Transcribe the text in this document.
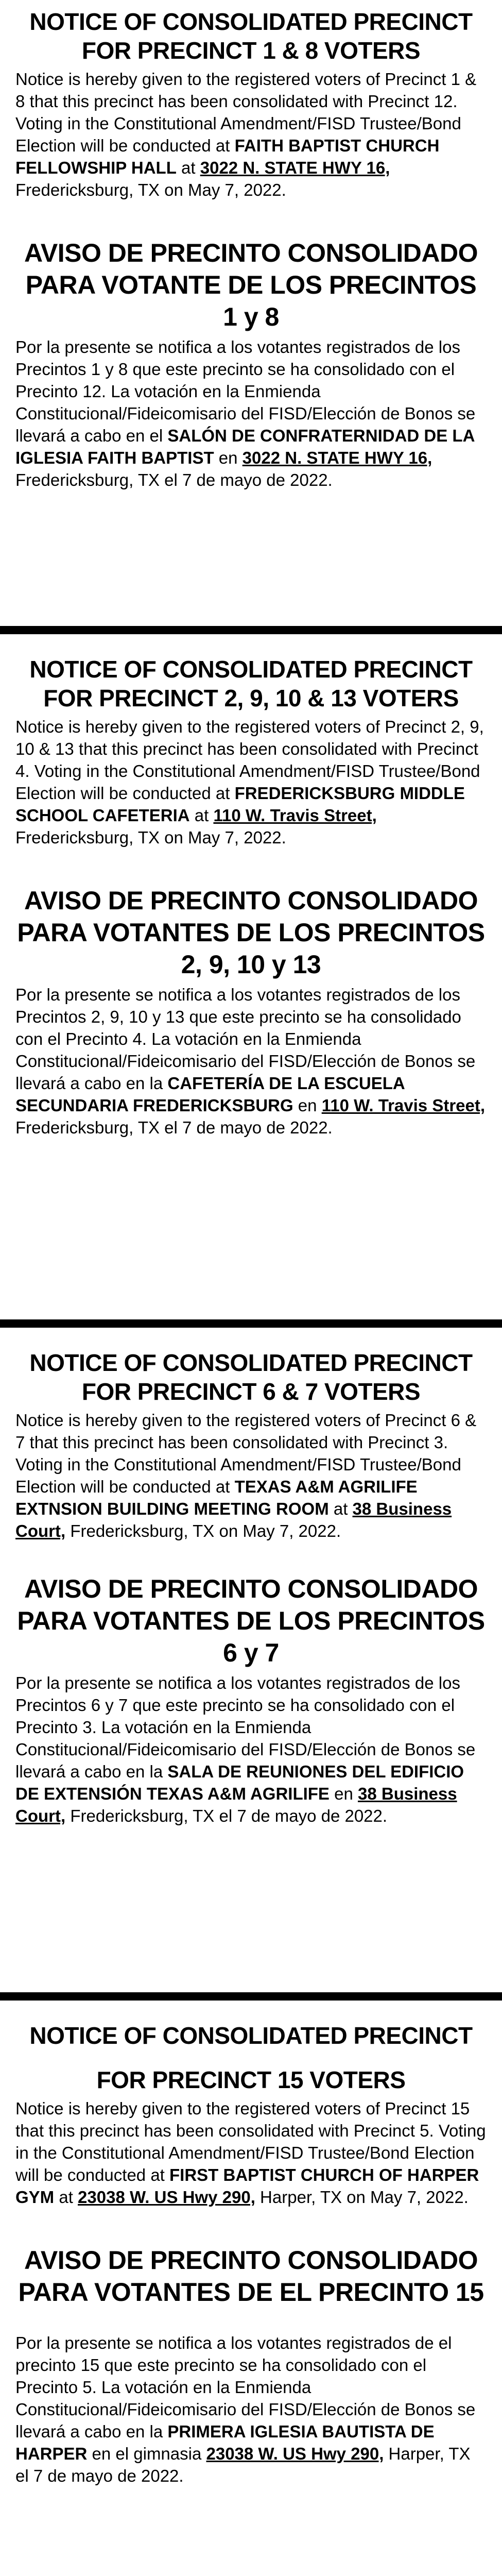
NOTICE OF CONSOLIDATED PRECINCT
FOR PRECINCT 1 & 8 VOTERS

Notice is hereby given to the registered voters of Precinct 1 & 8 that this precinct has been consolidated with Precinct 12. Voting in the Constitutional Amendment/FISD Trustee/Bond Election will be conducted at FAITH BAPTIST CHURCH FELLOWSHIP HALL at 3022 N. STATE HWY 16, Fredericksburg, TX on May 7, 2022.

AVISO DE PRECINTO CONSOLIDADO
PARA VOTANTE DE LOS PRECINTOS
1 y 8

Por la presente se notifica a los votantes registrados de los Precintos 1 y 8 que este precinto se ha consolidado con el Precinto 12. La votación en la Enmienda Constitucional/Fideicomisario del FISD/Elección de Bonos se llevará a cabo en el SALÓN DE CONFRATERNIDAD DE LA IGLESIA FAITH BAPTIST en 3022 N. STATE HWY 16, Fredericksburg, TX el 7 de mayo de 2022.

NOTICE OF CONSOLIDATED PRECINCT
FOR PRECINCT 2, 9, 10 & 13 VOTERS

Notice is hereby given to the registered voters of Precinct 2, 9, 10 & 13 that this precinct has been consolidated with Precinct 4. Voting in the Constitutional Amendment/FISD Trustee/Bond Election will be conducted at FREDERICKSBURG MIDDLE SCHOOL CAFETERIA at 110 W. Travis Street, Fredericksburg, TX on May 7, 2022.

AVISO DE PRECINTO CONSOLIDADO
PARA VOTANTES DE LOS PRECINTOS
2, 9, 10 y 13

Por la presente se notifica a los votantes registrados de los Precintos 2, 9, 10 y 13 que este precinto se ha consolidado con el Precinto 4. La votación en la Enmienda Constitucional/Fideicomisario del FISD/Elección de Bonos se llevará a cabo en la CAFETERÍA DE LA ESCUELA SECUNDARIA FREDERICKSBURG en 110 W. Travis Street, Fredericksburg, TX el 7 de mayo de 2022.

NOTICE OF CONSOLIDATED PRECINCT
FOR PRECINCT 6 & 7 VOTERS

Notice is hereby given to the registered voters of Precinct 6 & 7 that this precinct has been consolidated with Precinct 3. Voting in the Constitutional Amendment/FISD Trustee/Bond Election will be conducted at TEXAS A&M AGRILIFE EXTNSION BUILDING MEETING ROOM at 38 Business Court, Fredericksburg, TX on May 7, 2022.

AVISO DE PRECINTO CONSOLIDADO
PARA VOTANTES DE LOS PRECINTOS
6 y 7

Por la presente se notifica a los votantes registrados de los Precintos 6 y 7 que este precinto se ha consolidado con el Precinto 3. La votación en la Enmienda Constitucional/Fideicomisario del FISD/Elección de Bonos se llevará a cabo en la SALA DE REUNIONES DEL EDIFICIO DE EXTENSIÓN TEXAS A&M AGRILIFE en 38 Business Court, Fredericksburg, TX el 7 de mayo de 2022.

NOTICE OF CONSOLIDATED PRECINCT
FOR PRECINCT 15 VOTERS

Notice is hereby given to the registered voters of Precinct 15 that this precinct has been consolidated with Precinct 5. Voting in the Constitutional Amendment/FISD Trustee/Bond Election will be conducted at FIRST BAPTIST CHURCH OF HARPER GYM at 23038 W. US Hwy 290, Harper, TX on May 7, 2022.

AVISO DE PRECINTO CONSOLIDADO
PARA VOTANTES DE EL PRECINTO 15

Por la presente se notifica a los votantes registrados de el precinto 15 que este precinto se ha consolidado con el Precinto 5. La votación en la Enmienda Constitucional/Fideicomisario del FISD/Elección de Bonos se llevará a cabo en la PRIMERA IGLESIA BAUTISTA DE HARPER en el gimnasia 23038 W. US Hwy 290, Harper, TX el 7 de mayo de 2022.
